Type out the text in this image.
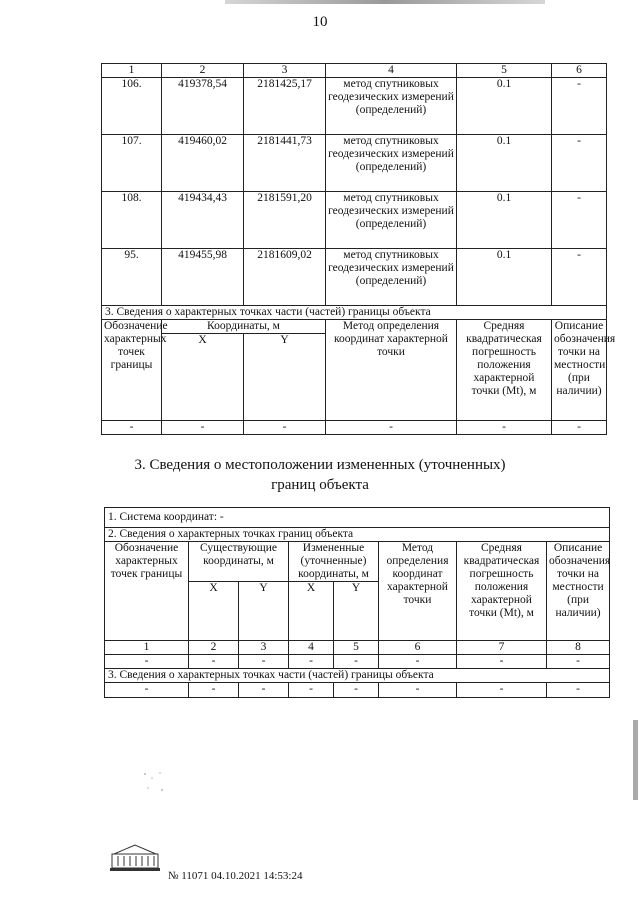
10
1	2	3	4	5	6
106.	419378,54	2181425,17	метод спутниковых геодезических измерений (определений)	0.1	-
107.	419460,02	2181441,73	метод спутниковых геодезических измерений (определений)	0.1	-
108.	419434,43	2181591,20	метод спутниковых геодезических измерений (определений)	0.1	-
95.	419455,98	2181609,02	метод спутниковых геодезических измерений (определений)	0.1	-
3. Сведения о характерных точках части (частей) границы объекта					
Обозначение характерных точек границы	Координаты, м		Метод определения координат характерной точки	Средняя квадратическая погрешность положения характерной точки (Mt), м	Описание обозначения точки на местности (при наличии)
	X	Y			
-	-	-	-	-	-
3. Сведения о местоположении измененных (уточненных) границ объекта
1. Система координат: -							
2. Сведения о характерных точках границ объекта							
Обозначение характерных точек границы	Существующие координаты, м		Измененные (уточненные) координаты, м		Метод определения координат характерной точки	Средняя квадратическая погрешность положения характерной точки (Mt), м	Описание обозначения точки на местности (при наличии)
	X	Y	X	Y			
1	2	3	4	5	6	7	8
-	-	-	-	-	-	-	-
3. Сведения о характерных точках части (частей) границы объекта							
-	-	-	-	-	-	-	-
№ 11071 04.10.2021 14:53:24
